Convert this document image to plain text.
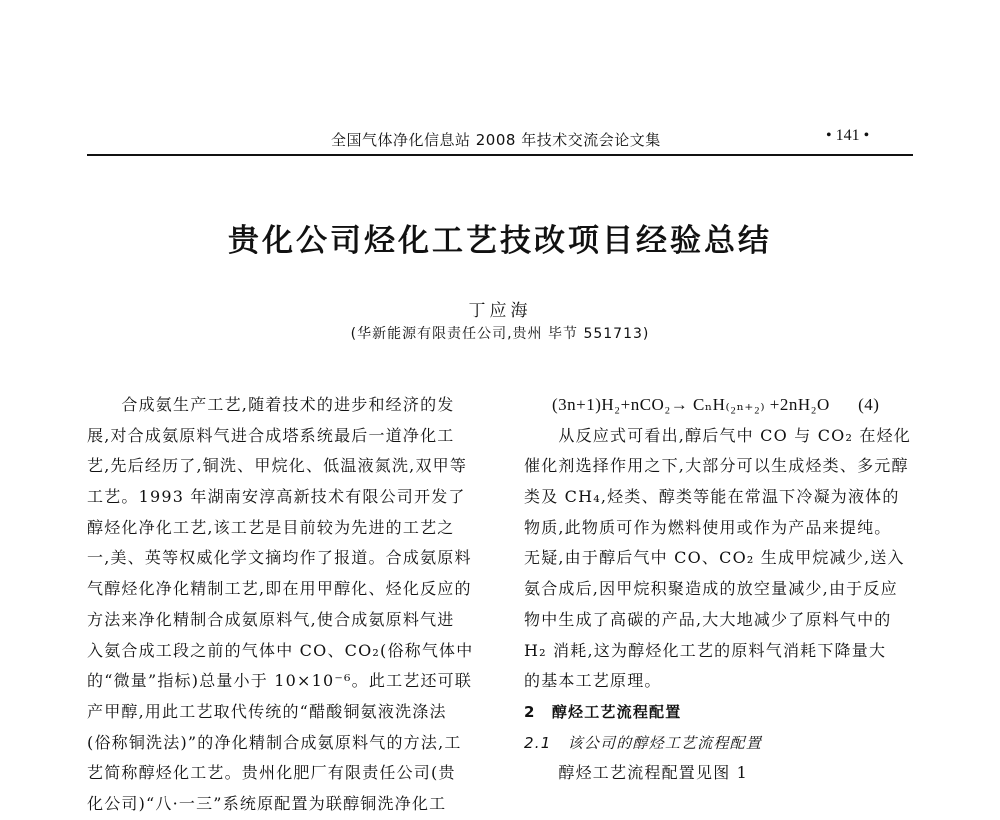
全国气体净化信息站 2008 年技术交流会论文集	• 141 •
贵化公司烃化工艺技改项目经验总结
丁应海
(华新能源有限责任公司,贵州 毕节 551713)
　　合成氨生产工艺,随着技术的进步和经济的发
展,对合成氨原料气进合成塔系统最后一道净化工
艺,先后经历了,铜洗、甲烷化、低温液氮洗,双甲等
工艺。1993 年湖南安淳高新技术有限公司开发了
醇烃化净化工艺,该工艺是目前较为先进的工艺之
一,美、英等权威化学文摘均作了报道。合成氨原料
气醇烃化净化精制工艺,即在用甲醇化、烃化反应的
方法来净化精制合成氨原料气,使合成氨原料气进
入氨合成工段之前的气体中 CO、CO₂(俗称气体中
的“微量”指标)总量小于 10×10⁻⁶。此工艺还可联
产甲醇,用此工艺取代传统的“醋酸铜氨液洗涤法
(俗称铜洗法)”的净化精制合成氨原料气的方法,工
艺简称醇烃化工艺。贵州化肥厂有限责任公司(贵
化公司)“八·一三”系统原配置为联醇铜洗净化工
(3n+1)H₂+nCO₂→ CₙH₍₂ₙ₊₂₎ +2nH₂O (4)
　　从反应式可看出,醇后气中 CO 与 CO₂ 在烃化
催化剂选择作用之下,大部分可以生成烃类、多元醇
类及 CH₄,烃类、醇类等能在常温下冷凝为液体的
物质,此物质可作为燃料使用或作为产品来提纯。
无疑,由于醇后气中 CO、CO₂ 生成甲烷减少,送入
氨合成后,因甲烷积聚造成的放空量减少,由于反应
物中生成了高碳的产品,大大地减少了原料气中的
H₂ 消耗,这为醇烃化工艺的原料气消耗下降量大
的基本工艺原理。
2　醇烃工艺流程配置
2.1　该公司的醇烃工艺流程配置
　　醇烃工艺流程配置见图 1
